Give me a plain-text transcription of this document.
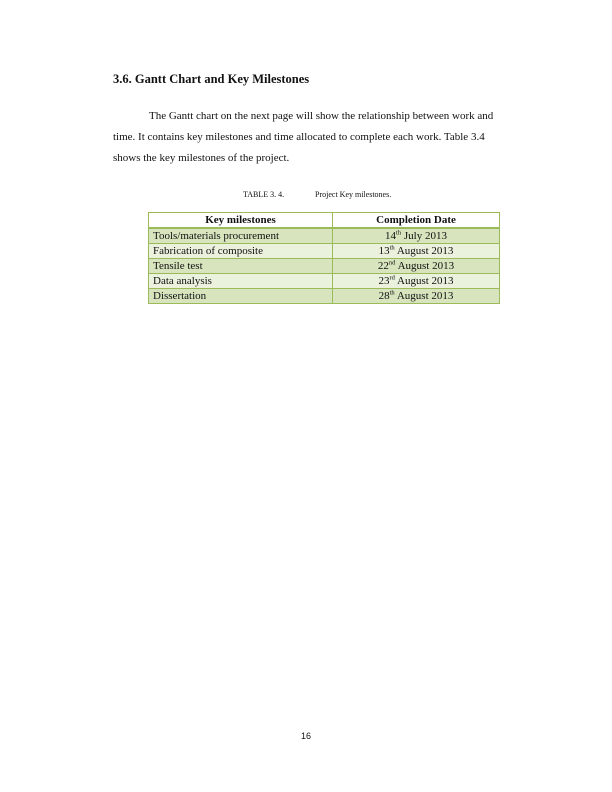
3.6. Gantt Chart and Key Milestones

The Gantt chart on the next page will show the relationship between work and
time. It contains key milestones and time allocated to complete each work. Table 3.4
shows the key milestones of the project.

TABLE 3. 4.	Project Key milestones.
Key milestones	Completion Date
Tools/materials procurement	14th July 2013
Fabrication of composite	13th August 2013
Tensile test	22nd August 2013
Data analysis	23rd August 2013
Dissertation	28th August 2013
16
